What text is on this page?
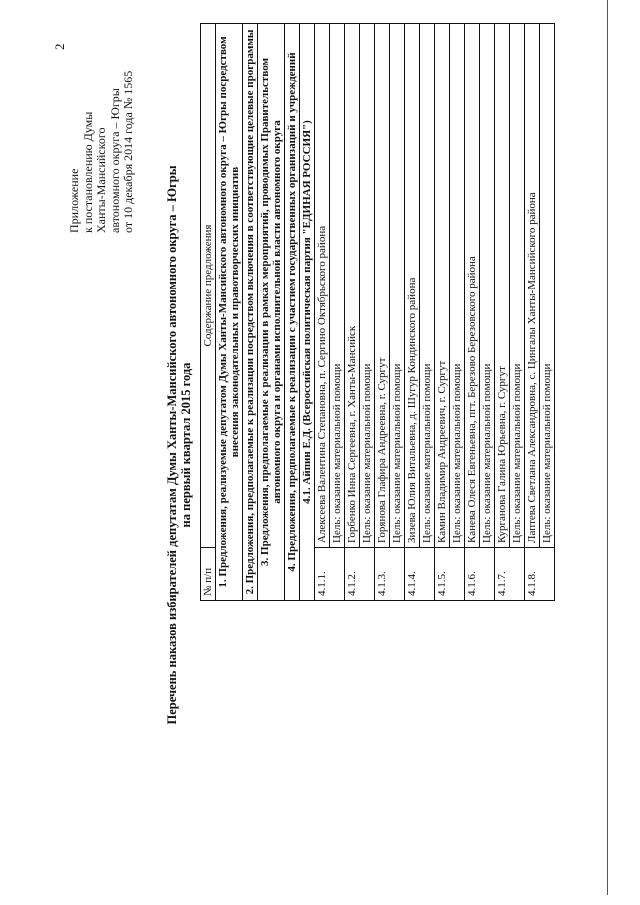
2
Приложение к постановлению Думы Ханты-Мансийского автономного округа – Югры от 10 декабря 2014 года № 1565
Перечень наказов избирателей депутатам Думы Ханты-Мансийского автономного округа – Югры на первый квартал 2015 года
№ п/п	Содержание предложения
1. Предложения, реализуемые депутатом Думы Ханты-Мансийского автономного округа – Югры посредством внесения законодательных и правотворческих инициатив	
2. Предложения, предполагаемые к реализации посредством включения в соответствующие целевые программы	
3. Предложения, предполагаемые к реализации в рамках мероприятий, проводимых Правительством автономного округа и органами исполнительной власти автономного округа	
4. Предложения, предполагаемые к реализации с участием государственных организаций и учреждений	
4.1. Айпин Е.Д. (Всероссийская политическая партия "ЕДИНАЯ РОССИЯ")	
4.1.1.	Алексеева Валентина Степановна, п. Сергино Октябрьского района Цель: оказание материальной помощи

4.1.2.	Горбенко Инна Сергеевна, г. Ханты-Мансийск Цель: оказание материальной помощи

4.1.3.	Горянова Глафира Андреевна, г. Сургут Цель: оказание материальной помощи

4.1.4.	Зизева Юлия Витальевна, д. Шугур Кондинского района Цель: оказание материальной помощи

4.1.5.	Камин Владимир Андреевич, г. Сургут Цель: оказание материальной помощи

4.1.6.	Канева Олеся Евгеньевна, пгт. Березово Березовского района Цель: оказание материальной помощи

4.1.7.	Курганова Галина Юрьевна, г. Сургут Цель: оказание материальной помощи

4.1.8.	Лаптева Светлана Александровна, с. Цингалы Ханты-Мансийского района Цель: оказание материальной помощи
